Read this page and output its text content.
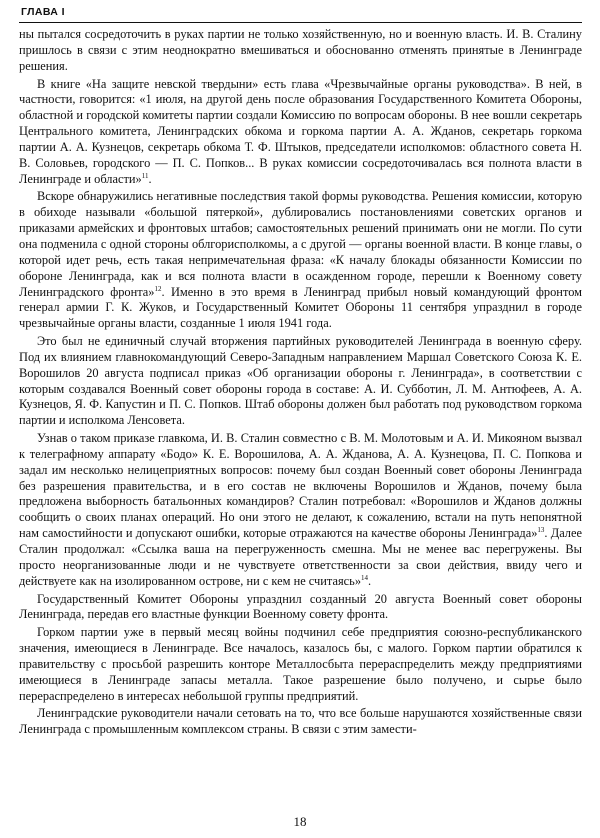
ГЛАВА I

ны пытался сосредоточить в руках партии не только хозяйственную, но и военную власть. И. В. Сталину пришлось в связи с этим неоднократно вмешиваться и обоснованно отменять принятые в Ленинграде решения.

В книге «На защите невской твердыни» есть глава «Чрезвычайные органы руководства». В ней, в частности, говорится: «1 июля, на другой день после образования Государственного Комитета Обороны, областной и городской комитеты партии создали Комиссию по вопросам обороны. В нее вошли секретарь Центрального комитета, Ленинградских обкома и горкома партии А. А. Жданов, секретарь горкома партии А. А. Кузнецов, секретарь обкома Т. Ф. Штыков, председатели исполкомов: областного совета Н. В. Соловьев, городского — П. С. Попков... В руках комиссии сосредоточивалась вся полнота власти в Ленинграде и области»$^{11}$.

Вскоре обнаружились негативные последствия такой формы руководства. Решения комиссии, которую в обиходе называли «большой пятеркой», дублировались постановлениями советских органов и приказами армейских и фронтовых штабов; самостоятельных решений принимать они не могли. По сути она подменила с одной стороны облгорисполкомы, а с другой — органы военной власти. В конце главы, о которой идет речь, есть такая непримечательная фраза: «К началу блокады обязанности Комиссии по обороне Ленинграда, как и вся полнота власти в осажденном городе, перешли к Военному совету Ленинградского фронта»$^{12}$. Именно в это время в Ленинград прибыл новый командующий фронтом генерал армии Г. К. Жуков, и Государственный Комитет Обороны 11 сентября упразднил в городе чрезвычайные органы власти, созданные 1 июля 1941 года.

Это был не единичный случай вторжения партийных руководителей Ленинграда в военную сферу. Под их влиянием главнокомандующий Северо-Западным направлением Маршал Советского Союза К. Е. Ворошилов 20 августа подписал приказ «Об организации обороны г. Ленинграда», в соответствии с которым создавался Военный совет обороны города в составе: А. И. Субботин, Л. М. Антюфеев, А. А. Кузнецов, Я. Ф. Капустин и П. С. Попков. Штаб обороны должен был работать под руководством горкома партии и исполкома Ленсовета.

Узнав о таком приказе главкома, И. В. Сталин совместно с В. М. Молотовым и А. И. Микояном вызвал к телеграфному аппарату «Бодо» К. Е. Ворошилова, А. А. Жданова, А. А. Кузнецова, П. С. Попкова и задал им несколько нелицеприятных вопросов: почему был создан Военный совет обороны Ленинграда без разрешения правительства, и в его состав не включены Ворошилов и Жданов, почему была предложена выборность батальонных командиров? Сталин потребовал: «Ворошилов и Жданов должны сообщить о своих планах операций. Но они этого не делают, к сожалению, встали на путь непонятной нам самостийности и допускают ошибки, которые отражаются на качестве обороны Ленинграда»$^{13}$. Далее Сталин продолжал: «Ссылка ваша на перегруженность смешна. Мы не менее вас перегружены. Вы просто неорганизованные люди и не чувствуете ответственности за свои действия, ввиду чего и действуете как на изолированном острове, ни с кем не считаясь»$^{14}$.

Государственный Комитет Обороны упразднил созданный 20 августа Военный совет обороны Ленинграда, передав его властные функции Военному совету фронта.

Горком партии уже в первый месяц войны подчинил себе предприятия союзно-республиканского значения, имеющиеся в Ленинграде. Все началось, казалось бы, с малого. Горком партии обратился к правительству с просьбой разрешить конторе Металлосбыта перераспределить между предприятиями имеющиеся в Ленинграде запасы металла. Такое разрешение было получено, и сырье было перераспределено в интересах небольшой группы предприятий.

Ленинградские руководители начали сетовать на то, что все больше нарушаются хозяйственные связи Ленинграда с промышленным комплексом страны. В связи с этим замести-

18
